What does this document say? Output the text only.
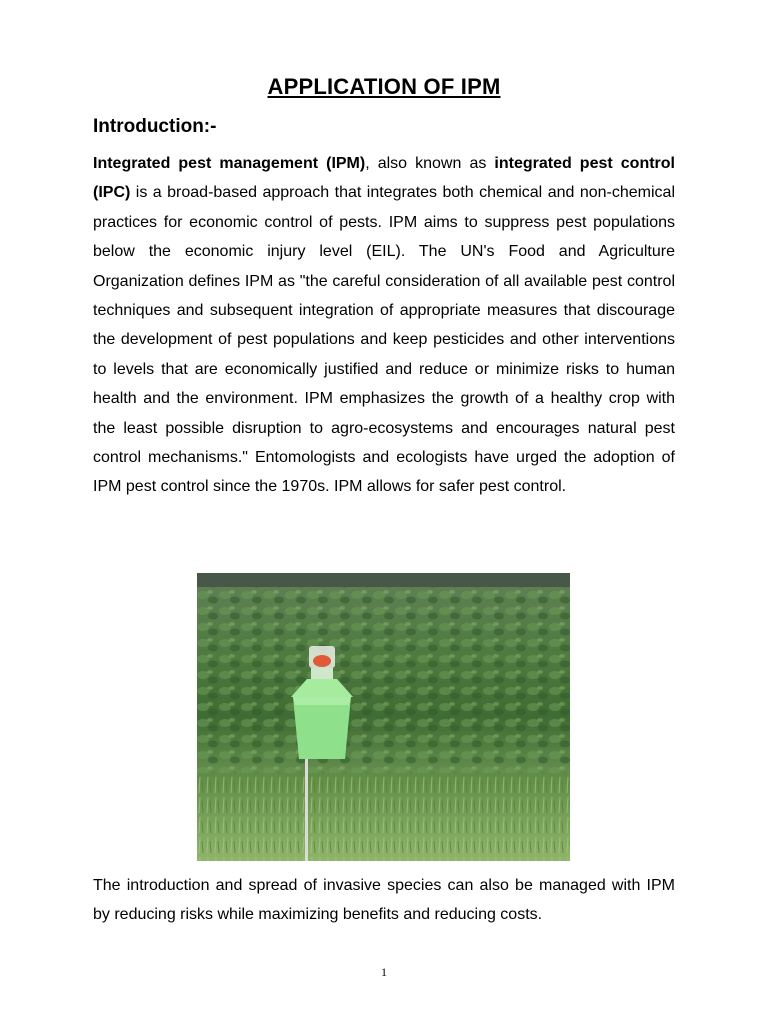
APPLICATION OF IPM
Introduction:-

Integrated pest management (IPM), also known as integrated pest control (IPC) is a broad-based approach that integrates both chemical and non-chemical practices for economic control of pests. IPM aims to suppress pest populations below the economic injury level (EIL). The UN's Food and Agriculture Organization defines IPM as "the careful consideration of all available pest control techniques and subsequent integration of appropriate measures that discourage the development of pest populations and keep pesticides and other interventions to levels that are economically justified and reduce or minimize risks to human health and the environment. IPM emphasizes the growth of a healthy crop with the least possible disruption to agro-ecosystems and encourages natural pest control mechanisms." Entomologists and ecologists have urged the adoption of IPM pest control since the 1970s. IPM allows for safer pest control.

The introduction and spread of invasive species can also be managed with IPM by reducing risks while maximizing benefits and reducing costs.

1
